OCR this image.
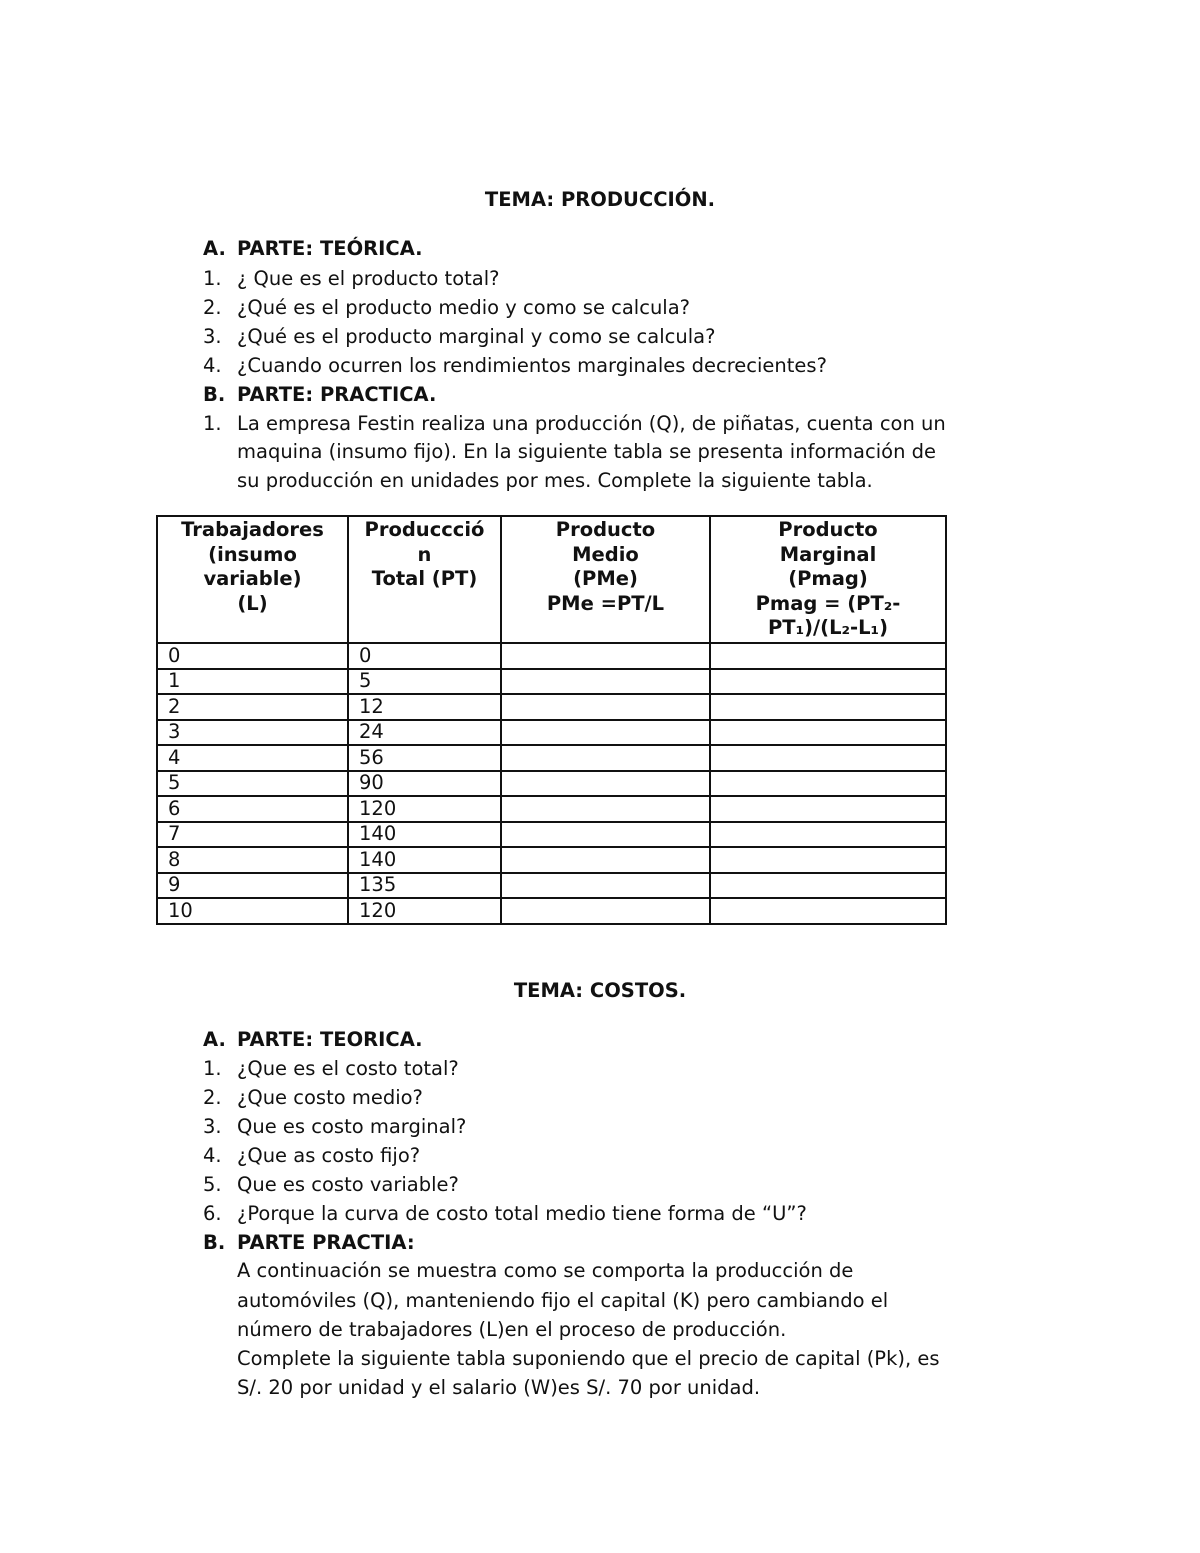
TEMA: PRODUCCIÓN.
A. PARTE: TEÓRICA.
1. ¿ Que es el producto total?
2. ¿Qué es el producto medio y como se calcula?
3. ¿Qué es el producto marginal y como se calcula?
4. ¿Cuando ocurren los rendimientos marginales decrecientes?
B. PARTE: PRACTICA.
1. La empresa Festin realiza una producción (Q), de piñatas, cuenta con un
maquina (insumo fijo). En la siguiente tabla se presenta información de
su producción en unidades por mes. Complete la siguiente tabla.
Trabajadores
(insumo
variable)
(L)	Produccció
n
Total (PT)	Producto
Medio
(PMe)
PMe =PT/L	Producto
Marginal
(Pmag)
Pmag = (PT₂-
PT₁)/(L₂-L₁)

0	0		
1	5		
2	12		
3	24		
4	56		
5	90		
6	120		
7	140		
8	140		
9	135		
10	120		
TEMA: COSTOS.
A. PARTE: TEORICA.
1. ¿Que es el costo total?
2. ¿Que costo medio?
3. Que es costo marginal?
4. ¿Que as costo fijo?
5. Que es costo variable?
6. ¿Porque la curva de costo total medio tiene forma de “U”?
B. PARTE PRACTIA:
A continuación se muestra como se comporta la producción de
automóviles (Q), manteniendo fijo el capital (K) pero cambiando el
número de trabajadores (L)en el proceso de producción.
Complete la siguiente tabla suponiendo que el precio de capital (Pk), es
S/. 20 por unidad y el salario (W)es S/. 70 por unidad.
